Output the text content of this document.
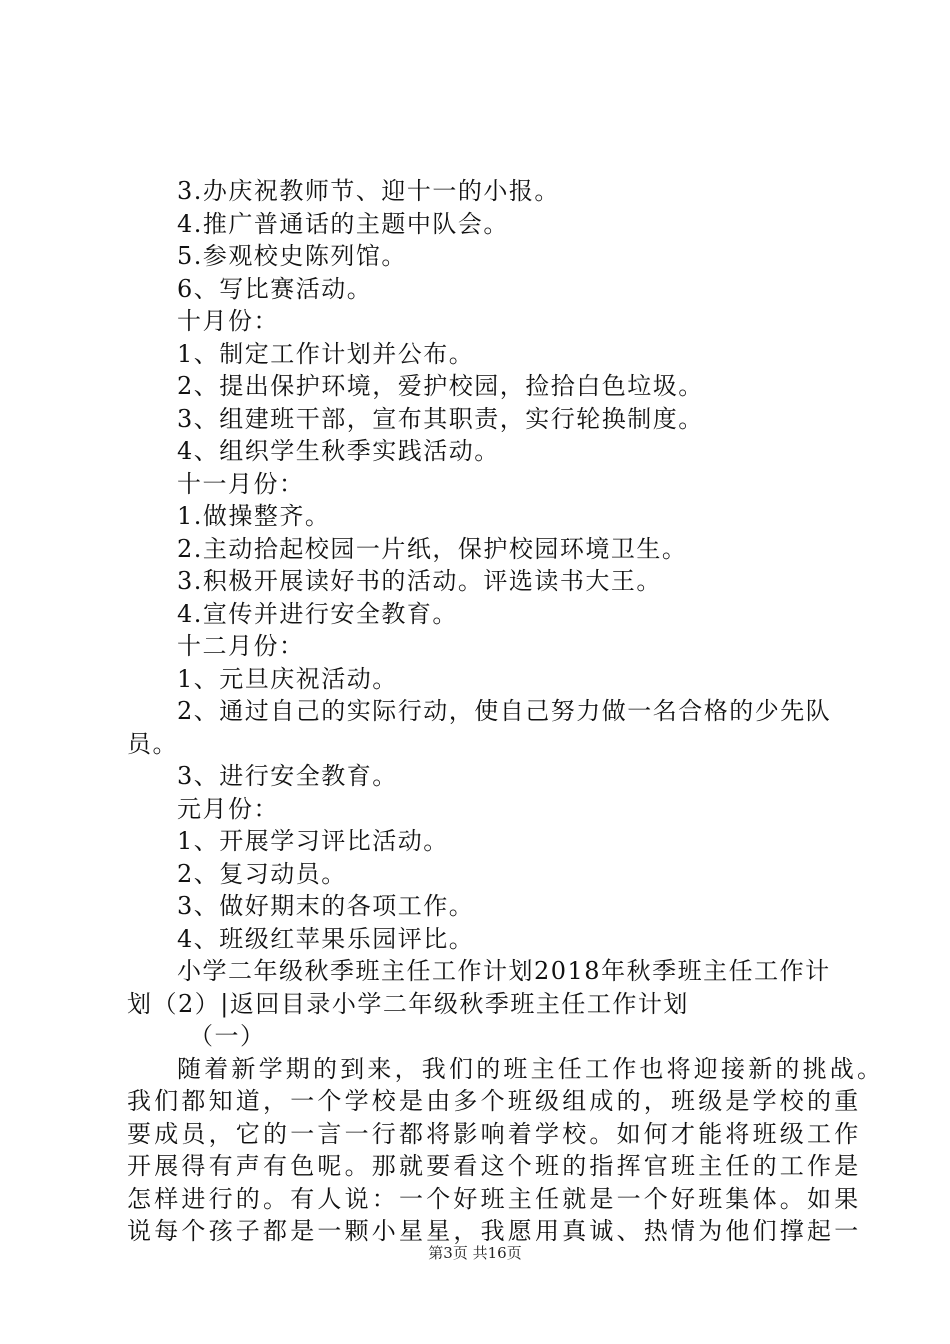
3.办庆祝教师节、迎十一的小报。
4.推广普通话的主题中队会。
5.参观校史陈列馆。
6、写比赛活动。
十月份：
1、制定工作计划并公布。
2、提出保护环境，爱护校园，捡拾白色垃圾。
3、组建班干部，宣布其职责，实行轮换制度。
4、组织学生秋季实践活动。
十一月份：
1.做操整齐。
2.主动拾起校园一片纸，保护校园环境卫生。
3.积极开展读好书的活动。评选读书大王。
4.宣传并进行安全教育。
十二月份：
1、元旦庆祝活动。
2、通过自己的实际行动，使自己努力做一名合格的少先队
员。
3、进行安全教育。
元月份：
1、开展学习评比活动。
2、复习动员。
3、做好期末的各项工作。
4、班级红苹果乐园评比。
小学二年级秋季班主任工作计划2018年秋季班主任工作计
划（2）|返回目录小学二年级秋季班主任工作计划
（一）
随着新学期的到来，我们的班主任工作也将迎接新的挑战。
我们都知道，一个学校是由多个班级组成的，班级是学校的重
要成员，它的一言一行都将影响着学校。如何才能将班级工作
开展得有声有色呢。那就要看这个班的指挥官班主任的工作是
怎样进行的。有人说：一个好班主任就是一个好班集体。如果
说每个孩子都是一颗小星星，我愿用真诚、热情为他们撑起一
第3页 共16页
